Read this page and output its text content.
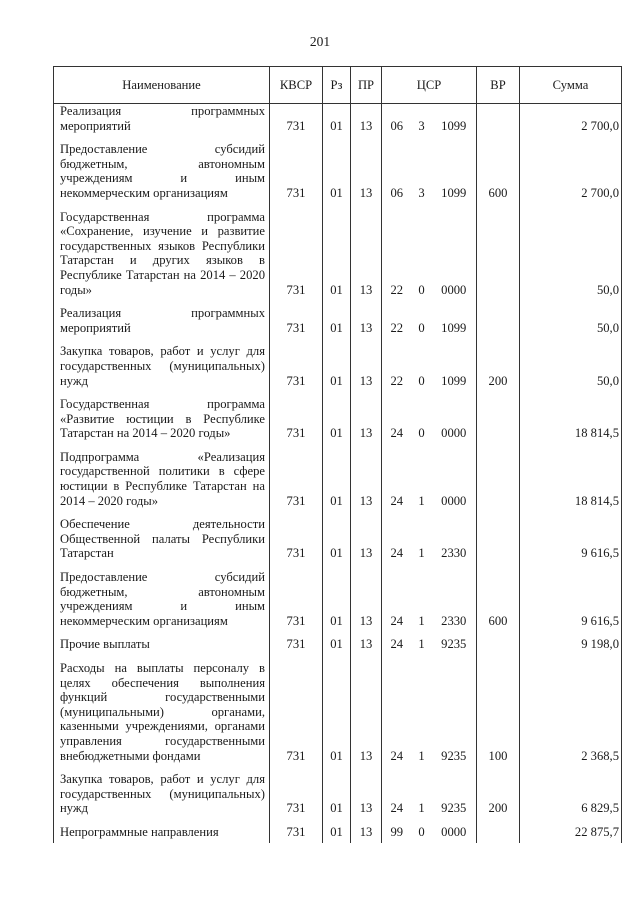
201
Наименование	КВСР	Рз	ПР	ЦСР			ВР	Сумма
Реализация программных мероприятий	731	01	13	06	3	1099		2 700,0
Предоставление субсидий бюджетным, автономным учреждениям и иным некоммерческим организациям	731	01	13	06	3	1099	600	2 700,0
Государственная программа «Сохранение, изучение и развитие государственных языков Республики Татарстан и других языков в Республике Татарстан на 2014 – 2020 годы»	731	01	13	22	0	0000		50,0
Реализация программных мероприятий	731	01	13	22	0	1099		50,0
Закупка товаров, работ и услуг для государственных (муниципальных) нужд	731	01	13	22	0	1099	200	50,0
Государственная программа «Развитие юстиции в Республике Татарстан на 2014 – 2020 годы»	731	01	13	24	0	0000		18 814,5
Подпрограмма «Реализация государственной политики в сфере юстиции в Республике Татарстан на 2014 – 2020 годы»	731	01	13	24	1	0000		18 814,5
Обеспечение деятельности Общественной палаты Республики Татарстан	731	01	13	24	1	2330		9 616,5
Предоставление субсидий бюджетным, автономным учреждениям и иным некоммерческим организациям	731	01	13	24	1	2330	600	9 616,5
Прочие выплаты	731	01	13	24	1	9235		9 198,0
Расходы на выплаты персоналу в целях обеспечения выполнения функций государственными (муниципальными) органами, казенными учреждениями, органами управления государственными внебюджетными фондами	731	01	13	24	1	9235	100	2 368,5
Закупка товаров, работ и услуг для государственных (муниципальных) нужд	731	01	13	24	1	9235	200	6 829,5
Непрограммные направления	731	01	13	99	0	0000		22 875,7
